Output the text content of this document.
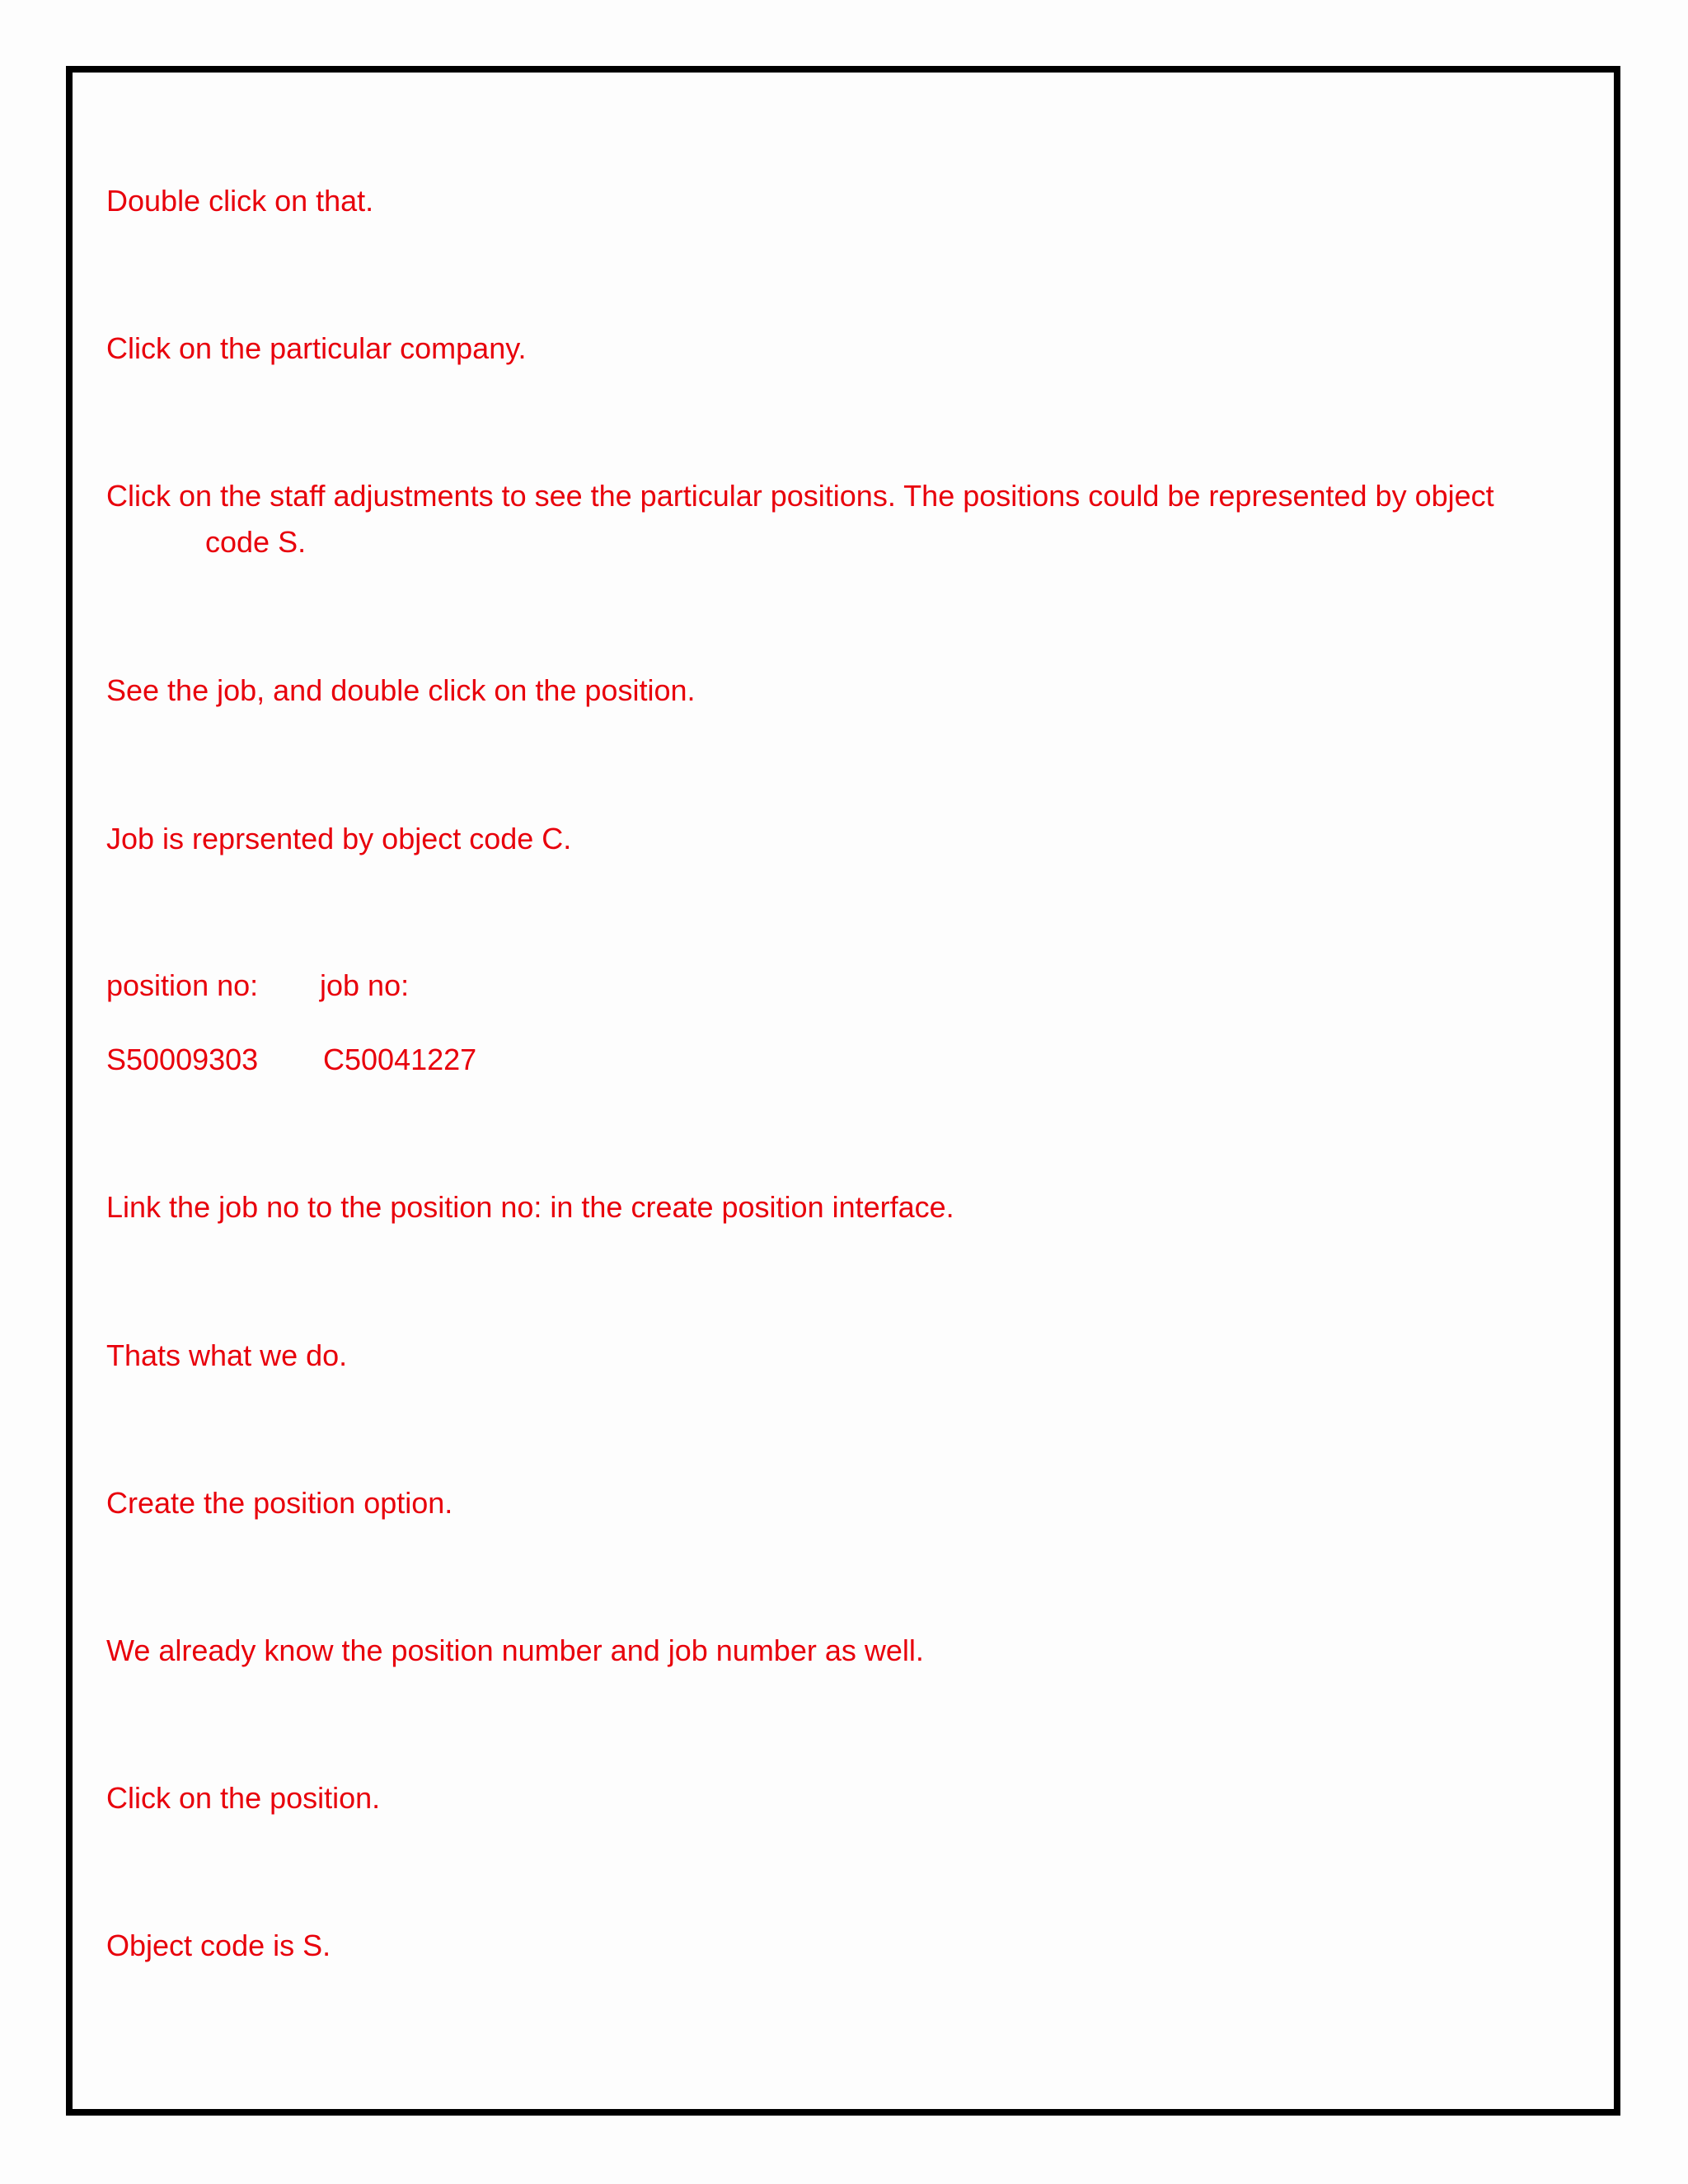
Double click on that.
Click on the particular company.
Click on the staff adjustments to see the particular positions. The positions could be represented by object
code S.
See the job, and double click on the position.
Job is reprsented by object code C.
position no: job no:
S50009303 C50041227
Link the job no to the position no: in the create position interface.
Thats what we do.
Create the position option.
We already know the position number and job number as well.
Click on the position.
Object code is S.
